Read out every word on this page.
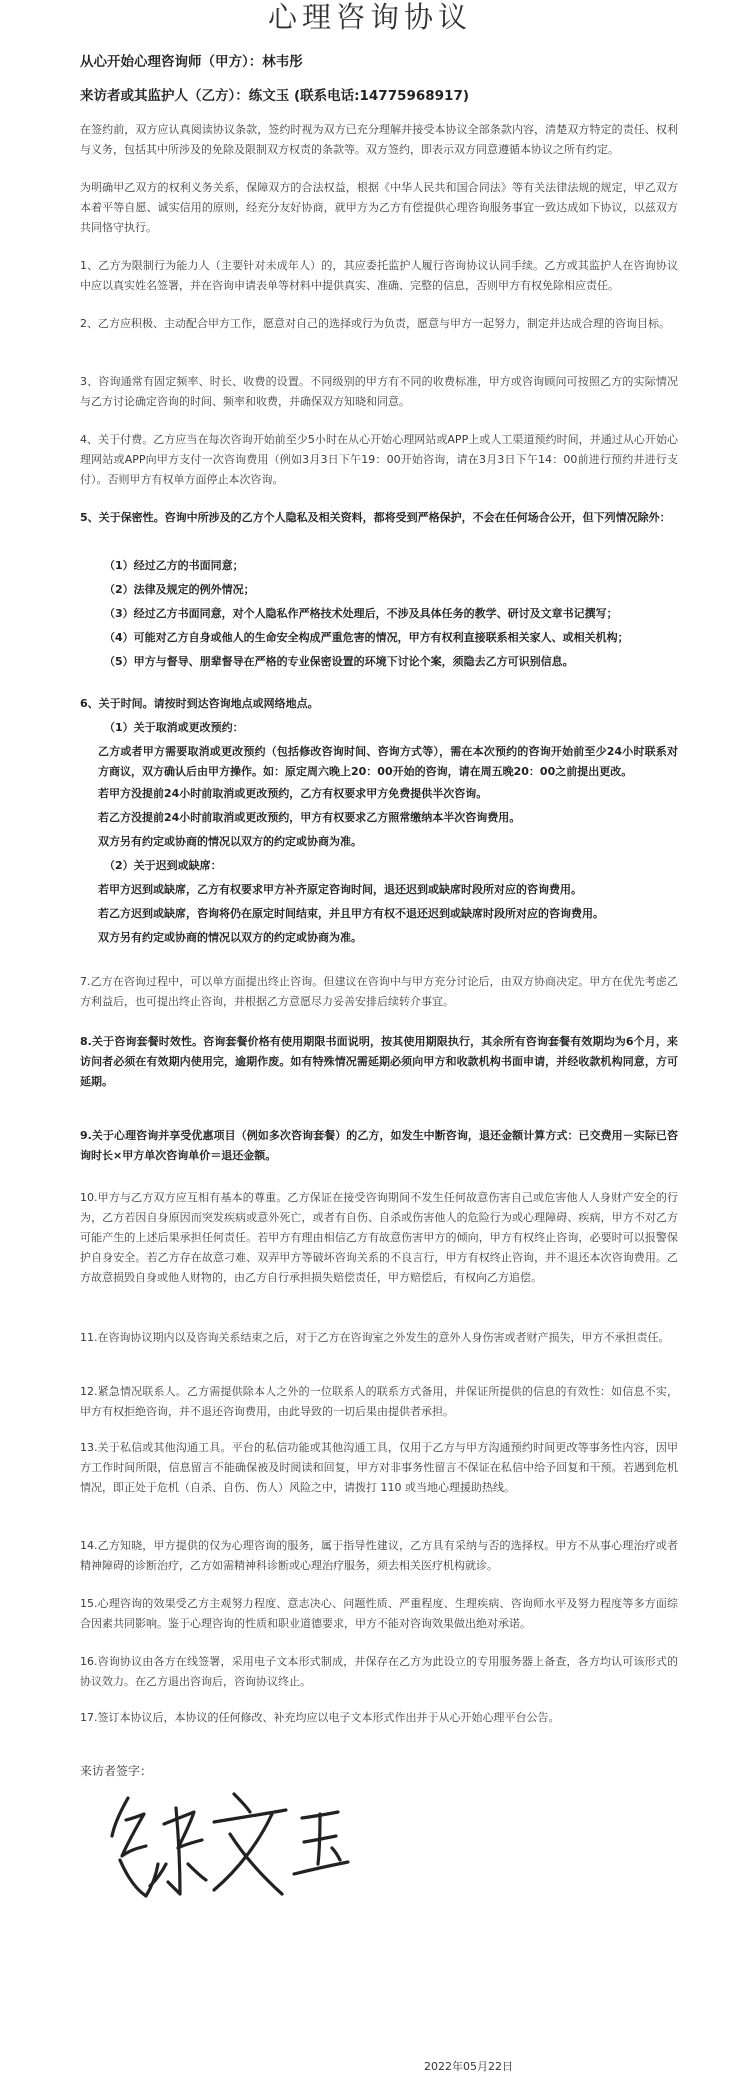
心理咨询协议
从心开始心理咨询师（甲方）：林韦彤
来访者或其监护人（乙方）：练文玉 (联系电话:14775968917)
在签约前，双方应认真阅读协议条款，签约时视为双方已充分理解并接受本协议全部条款内容，清楚双方特定的责任、权利与义务，包括其中所涉及的免除及限制双方权责的条款等。双方签约，即表示双方同意遵循本协议之所有约定。
为明确甲乙双方的权利义务关系，保障双方的合法权益，根据《中华人民共和国合同法》等有关法律法规的规定，甲乙双方本着平等自愿、诚实信用的原则，经充分友好协商，就甲方为乙方有偿提供心理咨询服务事宜一致达成如下协议，以兹双方共同恪守执行。
1、乙方为限制行为能力人（主要针对未成年人）的，其应委托监护人履行咨询协议认同手续。乙方或其监护人在咨询协议中应以真实姓名签署，并在咨询申请表单等材料中提供真实、准确、完整的信息，否则甲方有权免除相应责任。
2、乙方应积极、主动配合甲方工作，愿意对自己的选择或行为负责，愿意与甲方一起努力，制定并达成合理的咨询目标。
3、咨询通常有固定频率、时长、收费的设置。不同级别的甲方有不同的收费标准，甲方或咨询顾问可按照乙方的实际情况与乙方讨论确定咨询的时间、频率和收费，并确保双方知晓和同意。
4、关于付费。乙方应当在每次咨询开始前至少5小时在从心开始心理网站或APP上或人工渠道预约时间，并通过从心开始心理网站或APP向甲方支付一次咨询费用（例如3月3日下午19：00开始咨询，请在3月3日下午14：00前进行预约并进行支付）。否则甲方有权单方面停止本次咨询。
5、关于保密性。咨询中所涉及的乙方个人隐私及相关资料，都将受到严格保护，不会在任何场合公开，但下列情况除外：
（1）经过乙方的书面同意；
（2）法律及规定的例外情况；
（3）经过乙方书面同意，对个人隐私作严格技术处理后，不涉及具体任务的教学、研讨及文章书记撰写；
（4）可能对乙方自身或他人的生命安全构成严重危害的情况，甲方有权利直接联系相关家人、或相关机构；
（5）甲方与督导、朋辈督导在严格的专业保密设置的环境下讨论个案，须隐去乙方可识别信息。
6、关于时间。请按时到达咨询地点或网络地点。
（1）关于取消或更改预约：
乙方或者甲方需要取消或更改预约（包括修改咨询时间、咨询方式等），需在本次预约的咨询开始前至少24小时联系对方商议，双方确认后由甲方操作。如：原定周六晚上20：00开始的咨询，请在周五晚20：00之前提出更改。
若甲方没提前24小时前取消或更改预约，乙方有权要求甲方免费提供半次咨询。
若乙方没提前24小时前取消或更改预约，甲方有权要求乙方照常缴纳本半次咨询费用。
双方另有约定或协商的情况以双方的约定或协商为准。
（2）关于迟到或缺席：
若甲方迟到或缺席，乙方有权要求甲方补齐原定咨询时间，退还迟到或缺席时段所对应的咨询费用。
若乙方迟到或缺席，咨询将仍在原定时间结束，并且甲方有权不退还迟到或缺席时段所对应的咨询费用。
双方另有约定或协商的情况以双方的约定或协商为准。
7.乙方在咨询过程中，可以单方面提出终止咨询。但建议在咨询中与甲方充分讨论后，由双方协商决定。甲方在优先考虑乙方利益后，也可提出终止咨询，并根据乙方意愿尽力妥善安排后续转介事宜。
8.关于咨询套餐时效性。咨询套餐价格有使用期限书面说明，按其使用期限执行，其余所有咨询套餐有效期均为6个月，来访问者必须在有效期内使用完，逾期作废。如有特殊情况需延期必须向甲方和收款机构书面申请，并经收款机构同意，方可延期。
9.关于心理咨询并享受优惠项目（例如多次咨询套餐）的乙方，如发生中断咨询，退还金额计算方式：已交费用－实际已咨询时长×甲方单次咨询单价＝退还金额。
10.甲方与乙方双方应互相有基本的尊重。乙方保证在接受咨询期间不发生任何故意伤害自己或危害他人人身财产安全的行为，乙方若因自身原因而突发疾病或意外死亡，或者有自伤、自杀或伤害他人的危险行为或心理障碍、疾病，甲方不对乙方可能产生的上述后果承担任何责任。若甲方有理由相信乙方有故意伤害甲方的倾向，甲方有权终止咨询，必要时可以报警保护自身安全。若乙方存在故意刁难、双弄甲方等破坏咨询关系的不良言行，甲方有权终止咨询，并不退还本次咨询费用。乙方故意损毁自身或他人财物的，由乙方自行承担损失赔偿责任，甲方赔偿后，有权向乙方追偿。
11.在咨询协议期内以及咨询关系结束之后，对于乙方在咨询室之外发生的意外人身伤害或者财产损失，甲方不承担责任。
12.紧急情况联系人。乙方需提供除本人之外的一位联系人的联系方式备用，并保证所提供的信息的有效性：如信息不实，甲方有权拒绝咨询，并不退还咨询费用，由此导致的一切后果由提供者承担。
13.关于私信或其他沟通工具。平台的私信功能或其他沟通工具，仅用于乙方与甲方沟通预约时间更改等事务性内容，因甲方工作时间所限，信息留言不能确保被及时阅读和回复，甲方对非事务性留言不保证在私信中给予回复和干预。若遇到危机情况，即正处于危机（自杀、自伤、伤人）风险之中，请拨打 110 或当地心理援助热线。
14.乙方知晓，甲方提供的仅为心理咨询的服务，属于指导性建议，乙方具有采纳与否的选择权。甲方不从事心理治疗或者精神障碍的诊断治疗，乙方如需精神科诊断或心理治疗服务，须去相关医疗机构就诊。
15.心理咨询的效果受乙方主观努力程度、意志决心、问题性质、严重程度、生理疾病、咨询师水平及努力程度等多方面综合因素共同影响。鉴于心理咨询的性质和职业道德要求，甲方不能对咨询效果做出绝对承诺。
16.咨询协议由各方在线签署，采用电子文本形式制成，并保存在乙方为此设立的专用服务器上备查，各方均认可该形式的协议效力。在乙方退出咨询后，咨询协议终止。
17.签订本协议后，本协议的任何修改、补充均应以电子文本形式作出并于从心开始心理平台公告。
来访者签字：
2022年05月22日
